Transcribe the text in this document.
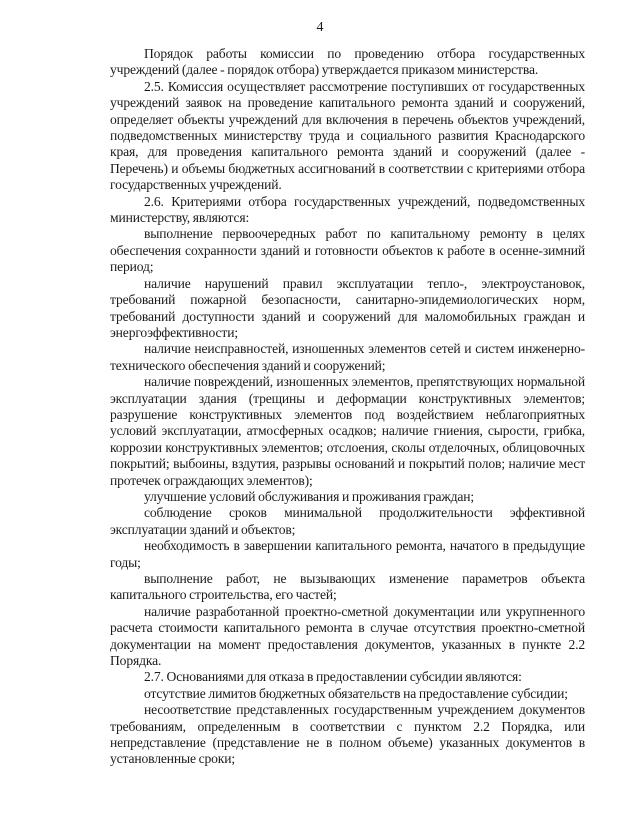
4

Порядок работы комиссии по проведению отбора государственных учреждений (далее - порядок отбора) утверждается приказом министерства.

2.5. Комиссия осуществляет рассмотрение поступивших от государственных учреждений заявок на проведение капитального ремонта зданий и сооружений, определяет объекты учреждений для включения в перечень объектов учреждений, подведомственных министерству труда и социального развития Краснодарского края, для проведения капитального ремонта зданий и сооружений (далее - Перечень) и объемы бюджетных ассигнований в соответствии с критериями отбора государственных учреждений.

2.6. Критериями отбора государственных учреждений, подведомственных министерству, являются:

выполнение первоочередных работ по капитальному ремонту в целях обеспечения сохранности зданий и готовности объектов к работе в осенне-зимний период;

наличие нарушений правил эксплуатации тепло-, электроустановок, требований пожарной безопасности, санитарно-эпидемиологических норм, требований доступности зданий и сооружений для маломобильных граждан и энергоэффективности;

наличие неисправностей, изношенных элементов сетей и систем инженерно-технического обеспечения зданий и сооружений;

наличие повреждений, изношенных элементов, препятствующих нормальной эксплуатации здания (трещины и деформации конструктивных элементов; разрушение конструктивных элементов под воздействием неблагоприятных условий эксплуатации, атмосферных осадков; наличие гниения, сырости, грибка, коррозии конструктивных элементов; отслоения, сколы отделочных, облицовочных покрытий; выбоины, вздутия, разрывы оснований и покрытий полов; наличие мест протечек ограждающих элементов);

улучшение условий обслуживания и проживания граждан;

соблюдение сроков минимальной продолжительности эффективной эксплуатации зданий и объектов;

необходимость в завершении капитального ремонта, начатого в предыдущие годы;

выполнение работ, не вызывающих изменение параметров объекта капитального строительства, его частей;

наличие разработанной проектно-сметной документации или укрупненного расчета стоимости капитального ремонта в случае отсутствия проектно-сметной документации на момент предоставления документов, указанных в пункте 2.2 Порядка.

2.7. Основаниями для отказа в предоставлении субсидии являются:

отсутствие лимитов бюджетных обязательств на предоставление субсидии;

несоответствие представленных государственным учреждением документов требованиям, определенным в соответствии с пунктом 2.2 Порядка, или непредставление (представление не в полном объеме) указанных документов в установленные сроки;
